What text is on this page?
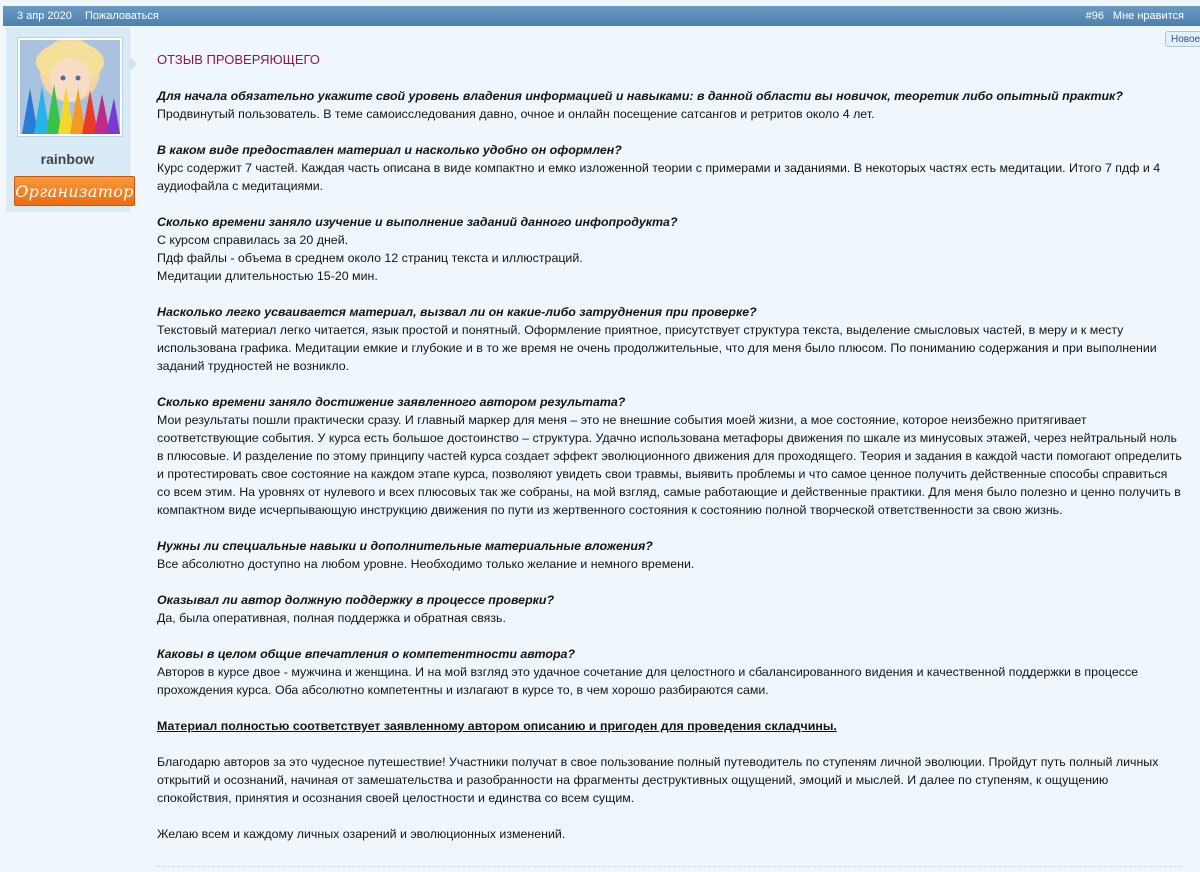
3 апр 2020 Пожаловаться	#96 Мне нравится
Новое
rainbow
Организатор
ОТЗЫВ ПРОВЕРЯЮЩЕГО
Для начала обязательно укажите свой уровень владения информацией и навыками: в данной области вы новичок, теоретик либо опытный практик?
Продвинутый пользователь. В теме самоисследования давно, очное и онлайн посещение сатсангов и ретритов около 4 лет.
В каком виде предоставлен материал и насколько удобно он оформлен?
Курс содержит 7 частей. Каждая часть описана в виде компактно и емко изложенной теории с примерами и заданиями. В некоторых частях есть медитации. Итого 7 пдф и 4 аудиофайла с медитациями.
Сколько времени заняло изучение и выполнение заданий данного инфопродукта?
С курсом справилась за 20 дней.
Пдф файлы - объема в среднем около 12 страниц текста и иллюстраций.
Медитации длительностью 15-20 мин.
Насколько легко усваивается материал, вызвал ли он какие-либо затруднения при проверке?
Текстовый материал легко читается, язык простой и понятный. Оформление приятное, присутствует структура текста, выделение смысловых частей, в меру и к месту использована графика. Медитации емкие и глубокие и в то же время не очень продолжительные, что для меня было плюсом. По пониманию содержания и при выполнении заданий трудностей не возникло.
Сколько времени заняло достижение заявленного автором результата?
Мои результаты пошли практически сразу. И главный маркер для меня – это не внешние события моей жизни, а мое состояние, которое неизбежно притягивает соответствующие события. У курса есть большое достоинство – структура. Удачно использована метафоры движения по шкале из минусовых этажей, через нейтральный ноль в плюсовые. И разделение по этому принципу частей курса создает эффект эволюционного движения для проходящего. Теория и задания в каждой части помогают определить и протестировать свое состояние на каждом этапе курса, позволяют увидеть свои травмы, выявить проблемы и что самое ценное получить действенные способы справиться со всем этим. На уровнях от нулевого и всех плюсовых так же собраны, на мой взгляд, самые работающие и действенные практики. Для меня было полезно и ценно получить в компактном виде исчерпывающую инструкцию движения по пути из жертвенного состояния к состоянию полной творческой ответственности за свою жизнь.
Нужны ли специальные навыки и дополнительные материальные вложения?
Все абсолютно доступно на любом уровне. Необходимо только желание и немного времени.
Оказывал ли автор должную поддержку в процессе проверки?
Да, была оперативная, полная поддержка и обратная связь.
Каковы в целом общие впечатления о компетентности автора?
Авторов в курсе двое - мужчина и женщина. И на мой взгляд это удачное сочетание для целостного и сбалансированного видения и качественной поддержки в процессе прохождения курса. Оба абсолютно компетентны и излагают в курсе то, в чем хорошо разбираются сами.
Материал полностью соответствует заявленному автором описанию и пригоден для проведения складчины.
Благодарю авторов за это чудесное путешествие! Участники получат в свое пользование полный путеводитель по ступеням личной эволюции. Пройдут путь полный личных открытий и осознаний, начиная от замешательства и разобранности на фрагменты деструктивных ощущений, эмоций и мыслей. И далее по ступеням, к ощущению спокойствия, принятия и осознания своей целостности и единства со всем сущим.
Желаю всем и каждому личных озарений и эволюционных изменений.
